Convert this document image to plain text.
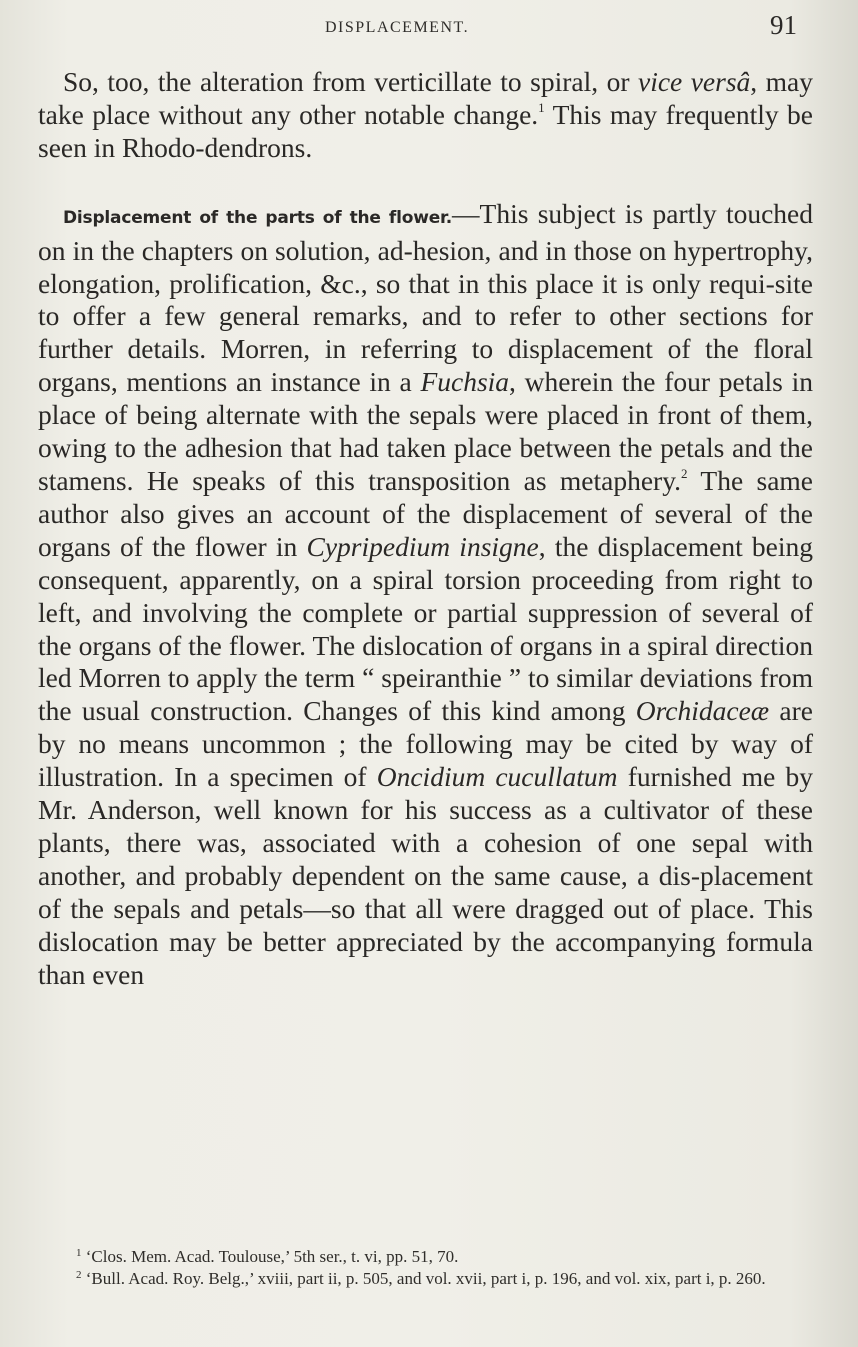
DISPLACEMENT.	91

So, too, the alteration from verticillate to spiral, or vice versâ, may take place without any other notable change.$^1$ This may frequently be seen in Rhodo-dendrons.

Displacement of the parts of the flower.—This subject is partly touched on in the chapters on solution, ad-hesion, and in those on hypertrophy, elongation, prolification, &c., so that in this place it is only requi-site to offer a few general remarks, and to refer to other sections for further details. Morren, in referring to displacement of the floral organs, mentions an instance in a Fuchsia, wherein the four petals in place of being alternate with the sepals were placed in front of them, owing to the adhesion that had taken place between the petals and the stamens. He speaks of this transposition as metaphery.$^2$ The same author also gives an account of the displacement of several of the organs of the flower in Cypripedium insigne, the displacement being consequent, apparently, on a spiral torsion proceeding from right to left, and involving the complete or partial suppression of several of the organs of the flower. The dislocation of organs in a spiral direction led Morren to apply the term “ speiranthie ” to similar deviations from the usual construction. Changes of this kind among Orchidaceæ are by no means uncommon ; the following may be cited by way of illustration. In a specimen of Oncidium cucullatum furnished me by Mr. Anderson, well known for his success as a cultivator of these plants, there was, associated with a cohesion of one sepal with another, and probably dependent on the same cause, a dis-placement of the sepals and petals—so that all were dragged out of place. This dislocation may be better appreciated by the accompanying formula than even

$^1$ ‘Clos. Mem. Acad. Toulouse,’ 5th ser., t. vi, pp. 51, 70.

$^2$ ‘Bull. Acad. Roy. Belg.,’ xviii, part ii, p. 505, and vol. xvii, part i, p. 196, and vol. xix, part i, p. 260.
